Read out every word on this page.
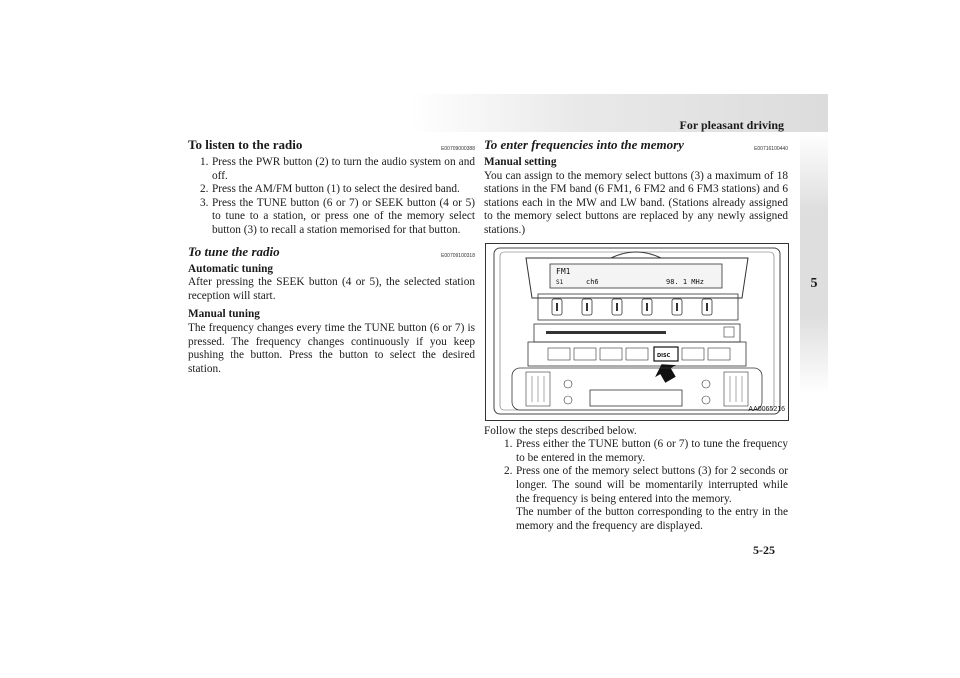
For pleasant driving
5
To listen to the radio	E00709000388
1. Press the PWR button (2) to turn the audio system on and off.
2. Press the AM/FM button (1) to select the desired band.
3. Press the TUNE button (6 or 7) or SEEK button (4 or 5) to tune to a station, or press one of the memory select button (3) to recall a station memorised for that button.
To tune the radio	E00709100318
Automatic tuning

After pressing the SEEK button (4 or 5), the selected station reception will start.

Manual tuning

The frequency changes every time the TUNE button (6 or 7) is pressed. The frequency changes continuously if you keep pushing the button. Press the button to select the desired station.

To enter frequencies into the memory	E00716100440
Manual setting

You can assign to the memory select buttons (3) a maximum of 18 stations in the FM band (6 FM1, 6 FM2 and 6 FM3 stations) and 6 stations each in the MW and LW band. (Stations already assigned to the memory select buttons are replaced by any newly assigned stations.)

FM1
S1	ch6	98. 1 MHz
DISC
AA0065216

Follow the steps described below.

1. Press either the TUNE button (6 or 7) to tune the frequency to be entered in the memory.
2. Press one of the memory select buttons (3) for 2 seconds or longer. The sound will be momentarily interrupted while the frequency is being entered into the memory.
The number of the button corresponding to the entry in the memory and the frequency are displayed.
5-25
